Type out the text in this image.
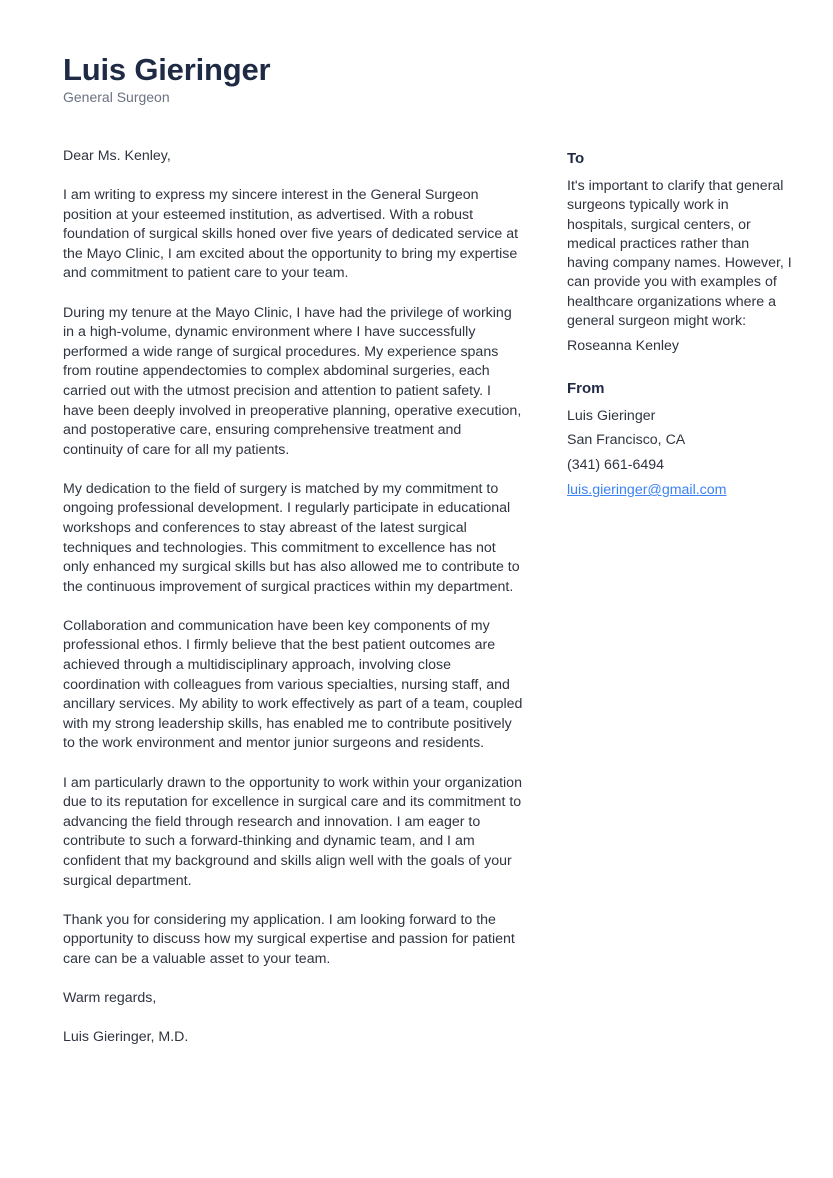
Luis Gieringer
General Surgeon

Dear Ms. Kenley,

I am writing to express my sincere interest in the General Surgeon position at your esteemed institution, as advertised. With a robust foundation of surgical skills honed over five years of dedicated service at the Mayo Clinic, I am excited about the opportunity to bring my expertise and commitment to patient care to your team.

During my tenure at the Mayo Clinic, I have had the privilege of working in a high-volume, dynamic environment where I have successfully performed a wide range of surgical procedures. My experience spans from routine appendectomies to complex abdominal surgeries, each carried out with the utmost precision and attention to patient safety. I have been deeply involved in preoperative planning, operative execution, and postoperative care, ensuring comprehensive treatment and continuity of care for all my patients.

My dedication to the field of surgery is matched by my commitment to ongoing professional development. I regularly participate in educational workshops and conferences to stay abreast of the latest surgical techniques and technologies. This commitment to excellence has not only enhanced my surgical skills but has also allowed me to contribute to the continuous improvement of surgical practices within my department.

Collaboration and communication have been key components of my professional ethos. I firmly believe that the best patient outcomes are achieved through a multidisciplinary approach, involving close coordination with colleagues from various specialties, nursing staff, and ancillary services. My ability to work effectively as part of a team, coupled with my strong leadership skills, has enabled me to contribute positively to the work environment and mentor junior surgeons and residents.

I am particularly drawn to the opportunity to work within your organization due to its reputation for excellence in surgical care and its commitment to advancing the field through research and innovation. I am eager to contribute to such a forward-thinking and dynamic team, and I am confident that my background and skills align well with the goals of your surgical department.

Thank you for considering my application. I am looking forward to the opportunity to discuss how my surgical expertise and passion for patient care can be a valuable asset to your team.

Warm regards,

Luis Gieringer, M.D.

To
It's important to clarify that general surgeons typically work in hospitals, surgical centers, or medical practices rather than having company names. However, I can provide you with examples of healthcare organizations where a general surgeon might work:
Roseanna Kenley
From
Luis Gieringer
San Francisco, CA
(341) 661-6494
luis.gieringer@gmail.com
